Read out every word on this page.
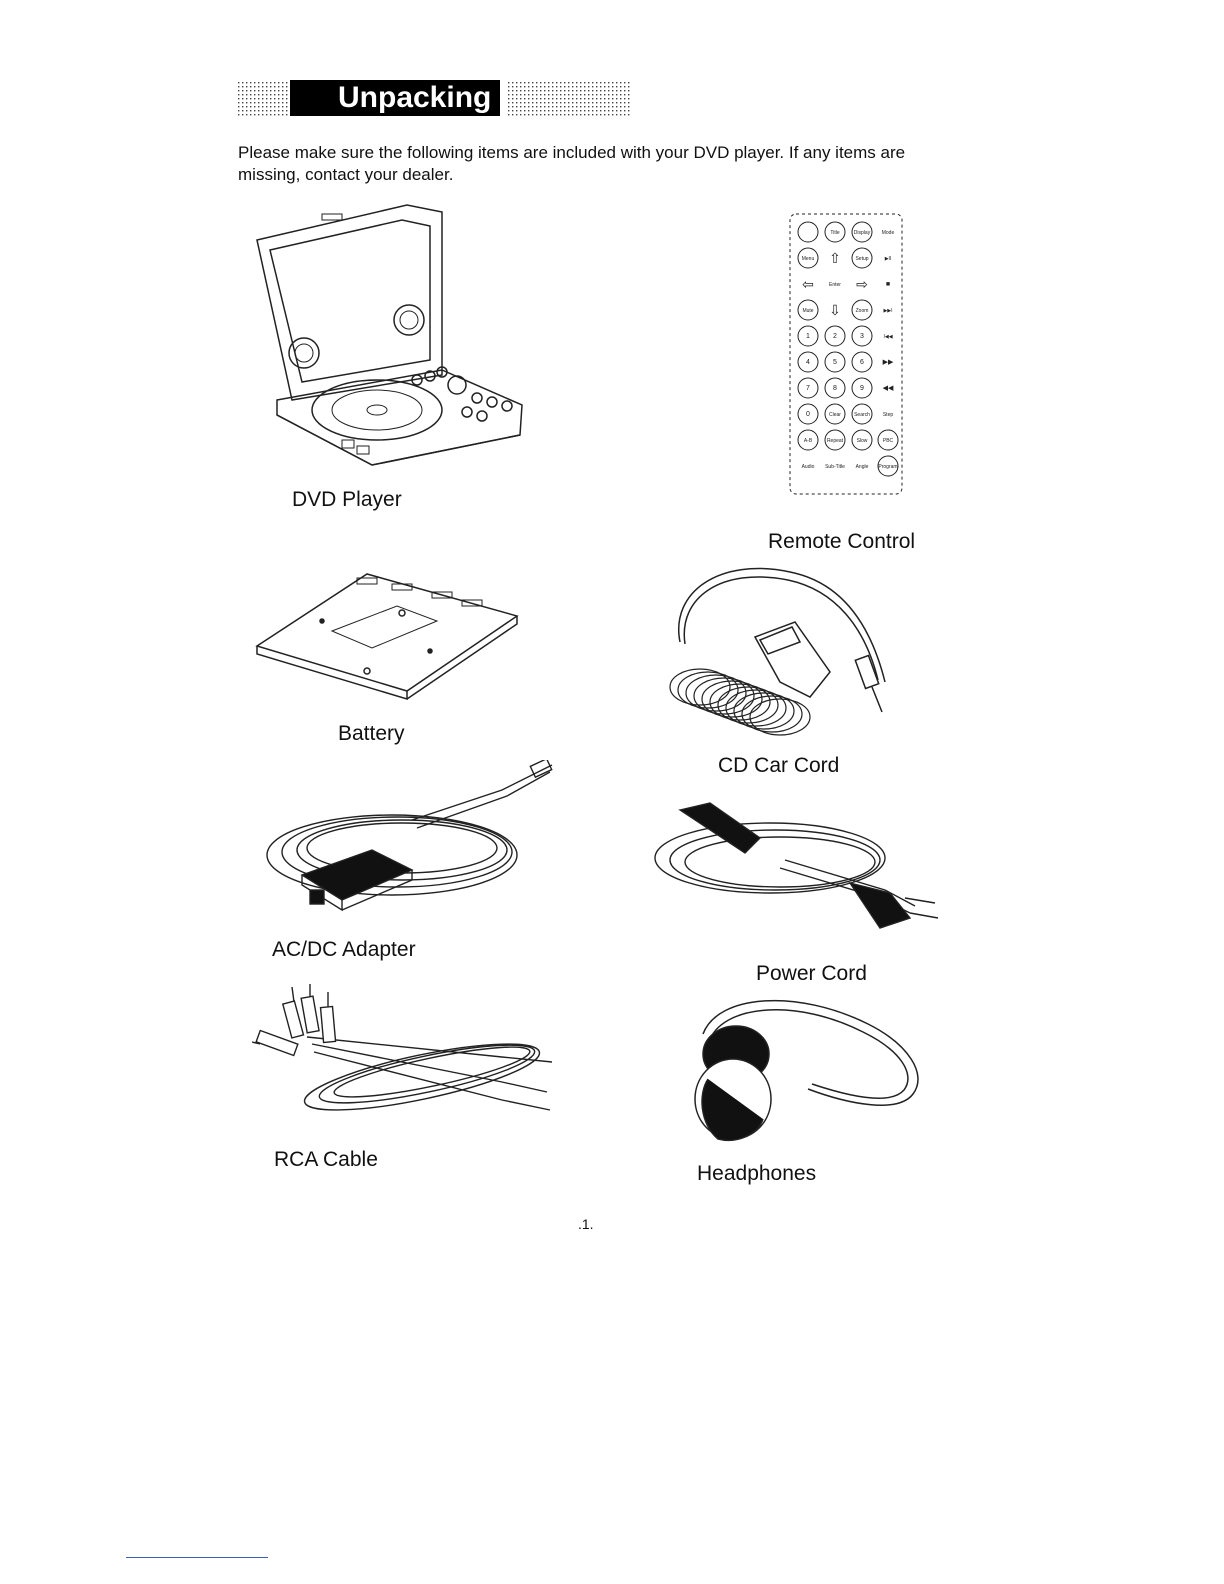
Unpacking
Please make sure the following items are included with your DVD player. If any items are missing, contact your dealer.
DVD Player
Title	Display Mode
Menu ⇧	Setup	▶II
⇦	Enter ⇨	■
Mute ⇩	Zoom	▶▶I
1	2	3	I◀◀
4	5	6	▶▶
7	8	9	◀◀
0	Clear	Search	Step
A-B	Repeat	Slow	PBC
Audio Sub-Title Angle Program
Remote Control
Battery
CD Car Cord
AC/DC Adapter
Power Cord
RCA Cable
Headphones
.1.
